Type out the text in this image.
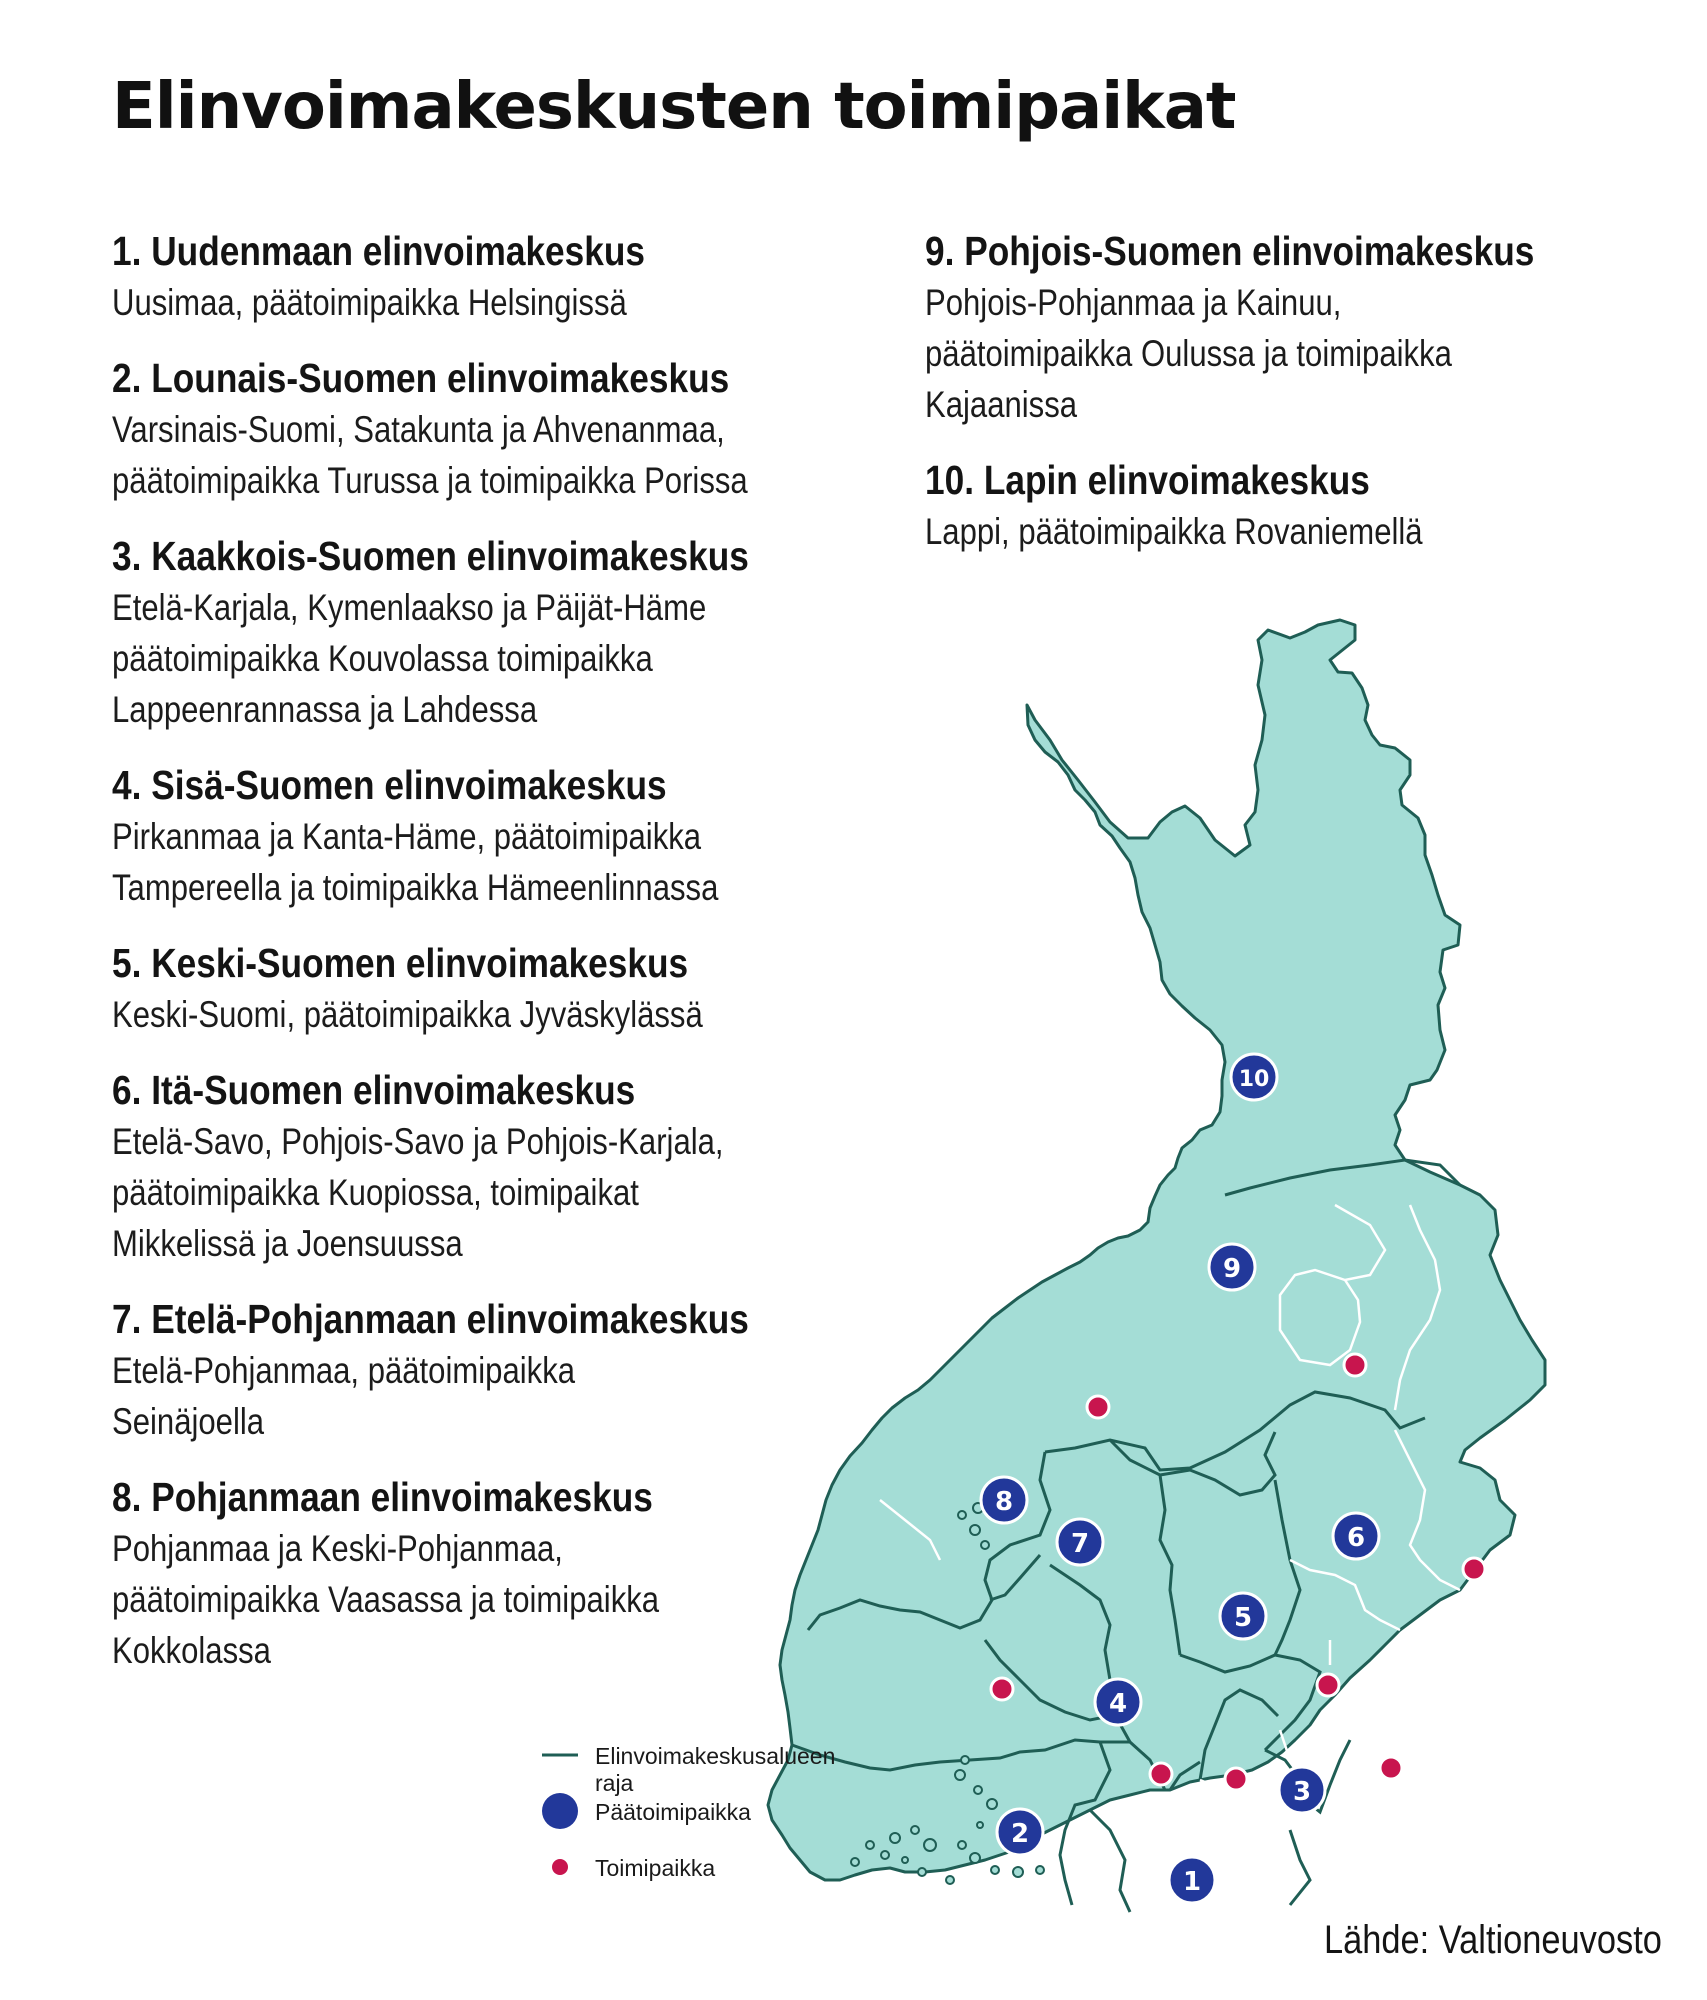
Elinvoimakeskusten toimipaikat
1. Uudenmaan elinvoimakeskus

Uusimaa, päätoimipaikka Helsingissä

2. Lounais-Suomen elinvoimakeskus

Varsinais-Suomi, Satakunta ja Ahvenanmaa,
päätoimipaikka Turussa ja toimipaikka Porissa

3. Kaakkois-Suomen elinvoimakeskus

Etelä-Karjala, Kymenlaakso ja Päijät-Häme
päätoimipaikka Kouvolassa toimipaikka
Lappeenrannassa ja Lahdessa

4. Sisä-Suomen elinvoimakeskus

Pirkanmaa ja Kanta-Häme, päätoimipaikka
Tampereella ja toimipaikka Hämeenlinnassa

5. Keski-Suomen elinvoimakeskus

Keski-Suomi, päätoimipaikka Jyväskylässä

6. Itä-Suomen elinvoimakeskus

Etelä-Savo, Pohjois-Savo ja Pohjois-Karjala,
päätoimipaikka Kuopiossa, toimipaikat
Mikkelissä ja Joensuussa

7. Etelä-Pohjanmaan elinvoimakeskus

Etelä-Pohjanmaa, päätoimipaikka
Seinäjoella

8. Pohjanmaan elinvoimakeskus

Pohjanmaa ja Keski-Pohjanmaa,
päätoimipaikka Vaasassa ja toimipaikka
Kokkolassa

9. Pohjois-Suomen elinvoimakeskus

Pohjois-Pohjanmaa ja Kainuu,
päätoimipaikka Oulussa ja toimipaikka
Kajaanissa

10. Lapin elinvoimakeskus

Lappi, päätoimipaikka Rovaniemellä

1
2
3
4
5
6
7
8
9
10
Elinvoimakeskusalueen raja
Päätoimipaikka
Toimipaikka
Lähde: Valtioneuvosto
